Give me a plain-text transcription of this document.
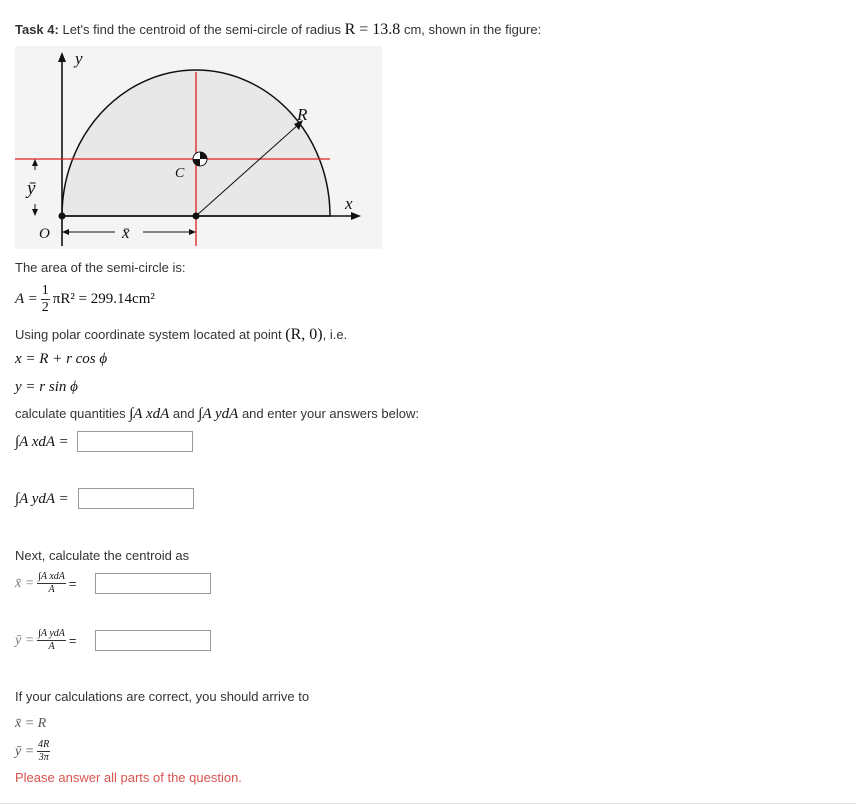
Task 4: Let's find the centroid of the semi-circle of radius R = 13.8 cm, shown in the figure:
y
x
R
C
O
ȳ
x̄
The area of the semi-circle is:
$A = \frac{1}{2} \pi R^2 = 299.14cm^2$
Using polar coordinate system located at point (R, 0), i.e.
x = R + r cos ϕ
y = r sin ϕ
calculate quantities ∫A xdA and ∫A ydA and enter your answers below:
∫A xdA =
∫A ydA =
Next, calculate the centroid as
x̄ = $\frac{\text{∫A xdA}}{A}$ =
ȳ = $\frac{\text{∫A ydA}}{A}$ =
If your calculations are correct, you should arrive to
x̄ = R
ȳ = $\frac{4R}{3\pi}$
Please answer all parts of the question.
